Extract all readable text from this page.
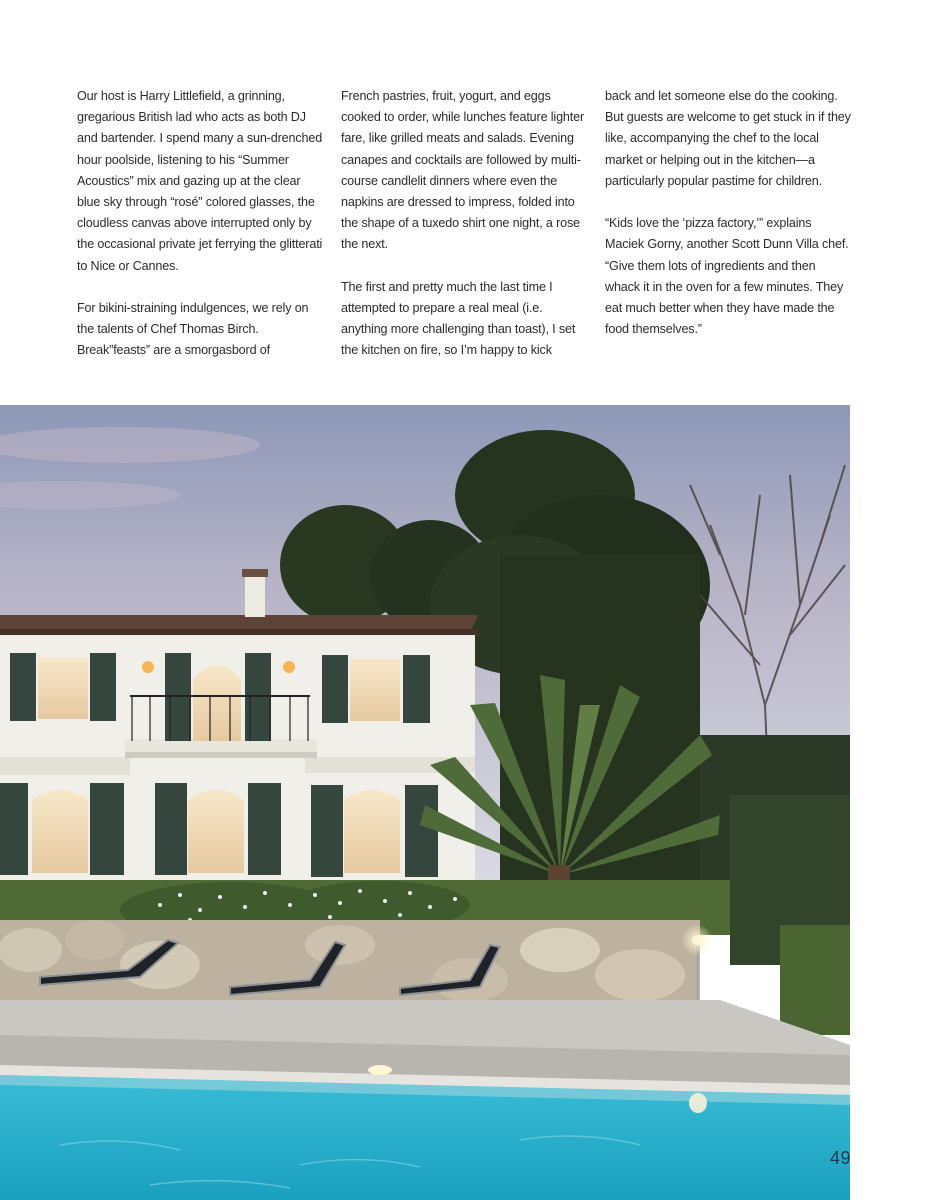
Our host is Harry Littlefield, a grinning, gregarious British lad who acts as both DJ and bartender. I spend many a sun-drenched hour poolside, listening to his “Summer Acoustics” mix and gazing up at the clear blue sky through “rosé” colored glasses, the cloudless canvas above interrupted only by the occasional private jet ferrying the glitterati to Nice or Cannes.

For bikini-straining indulgences, we rely on the talents of Chef Thomas Birch. Break”feasts” are a smorgasbord of

French pastries, fruit, yogurt, and eggs cooked to order, while lunches feature lighter fare, like grilled meats and salads. Evening canapes and cocktails are followed by multi-course candlelit dinners where even the napkins are dressed to impress, folded into the shape of a tuxedo shirt one night, a rose the next.

The first and pretty much the last time I attempted to prepare a real meal (i.e. anything more challenging than toast), I set the kitchen on fire, so I’m happy to kick

back and let someone else do the cooking. But guests are welcome to get stuck in if they like, accompanying the chef to the local market or helping out in the kitchen—a particularly popular pastime for children.

“Kids love the ‘pizza factory,’” explains Maciek Gorny, another Scott Dunn Villa chef. “Give them lots of ingredients and then whack it in the oven for a few minutes. They eat much better when they have made the food themselves.”

49
